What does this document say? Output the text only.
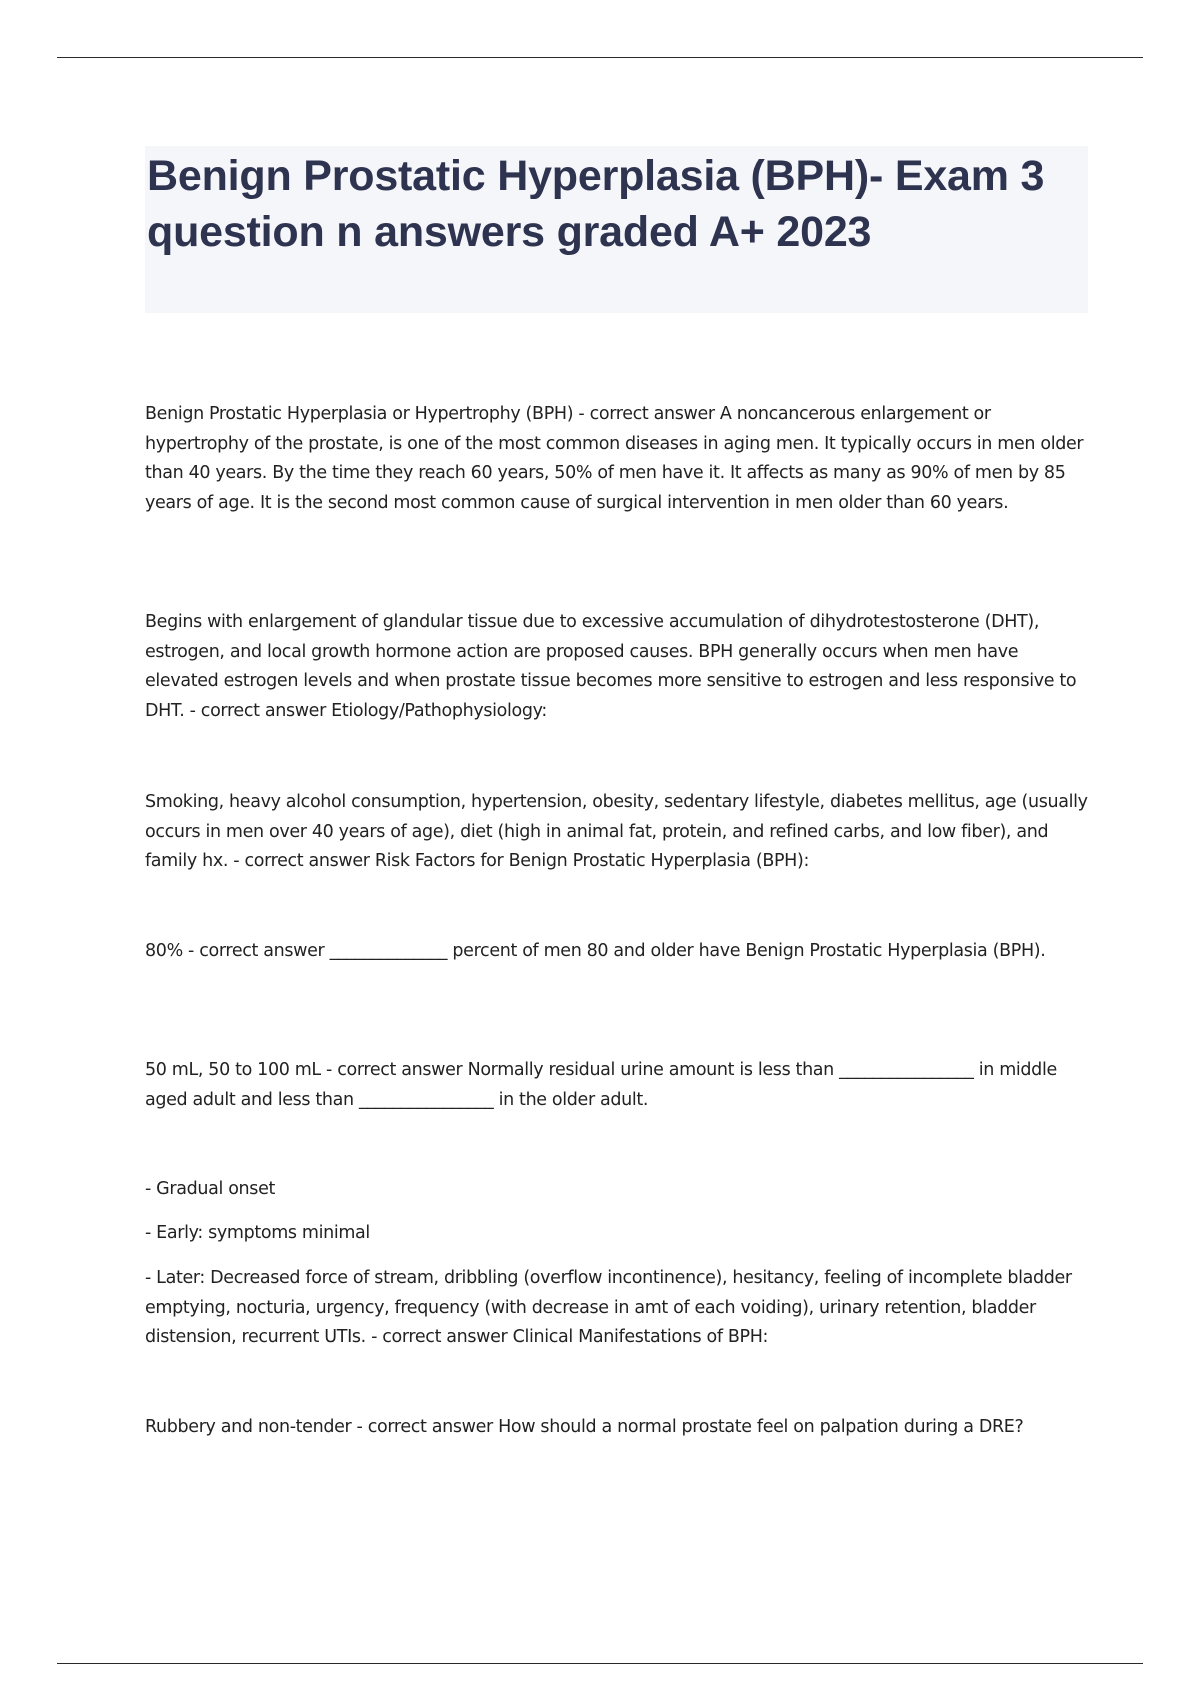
Benign Prostatic Hyperplasia (BPH)- Exam 3 question n answers graded A+ 2023

Benign Prostatic Hyperplasia or Hypertrophy (BPH) - correct answer A noncancerous enlargement or hypertrophy of the prostate, is one of the most common diseases in aging men. It typically occurs in men older than 40 years. By the time they reach 60 years, 50% of men have it. It affects as many as 90% of men by 85 years of age. It is the second most common cause of surgical intervention in men older than 60 years.

Begins with enlargement of glandular tissue due to excessive accumulation of dihydrotestosterone (DHT), estrogen, and local growth hormone action are proposed causes. BPH generally occurs when men have elevated estrogen levels and when prostate tissue becomes more sensitive to estrogen and less responsive to DHT. - correct answer Etiology/Pathophysiology:

Smoking, heavy alcohol consumption, hypertension, obesity, sedentary lifestyle, diabetes mellitus, age (usually occurs in men over 40 years of age), diet (high in animal fat, protein, and refined carbs, and low fiber), and family hx. - correct answer Risk Factors for Benign Prostatic Hyperplasia (BPH):

80% - correct answer ______________ percent of men 80 and older have Benign Prostatic Hyperplasia (BPH).

50 mL, 50 to 100 mL - correct answer Normally residual urine amount is less than ________________ in middle aged adult and less than ________________ in the older adult.

- Gradual onset

- Early: symptoms minimal

- Later: Decreased force of stream, dribbling (overflow incontinence), hesitancy, feeling of incomplete bladder emptying, nocturia, urgency, frequency (with decrease in amt of each voiding), urinary retention, bladder distension, recurrent UTIs. - correct answer Clinical Manifestations of BPH:

Rubbery and non-tender - correct answer How should a normal prostate feel on palpation during a DRE?
